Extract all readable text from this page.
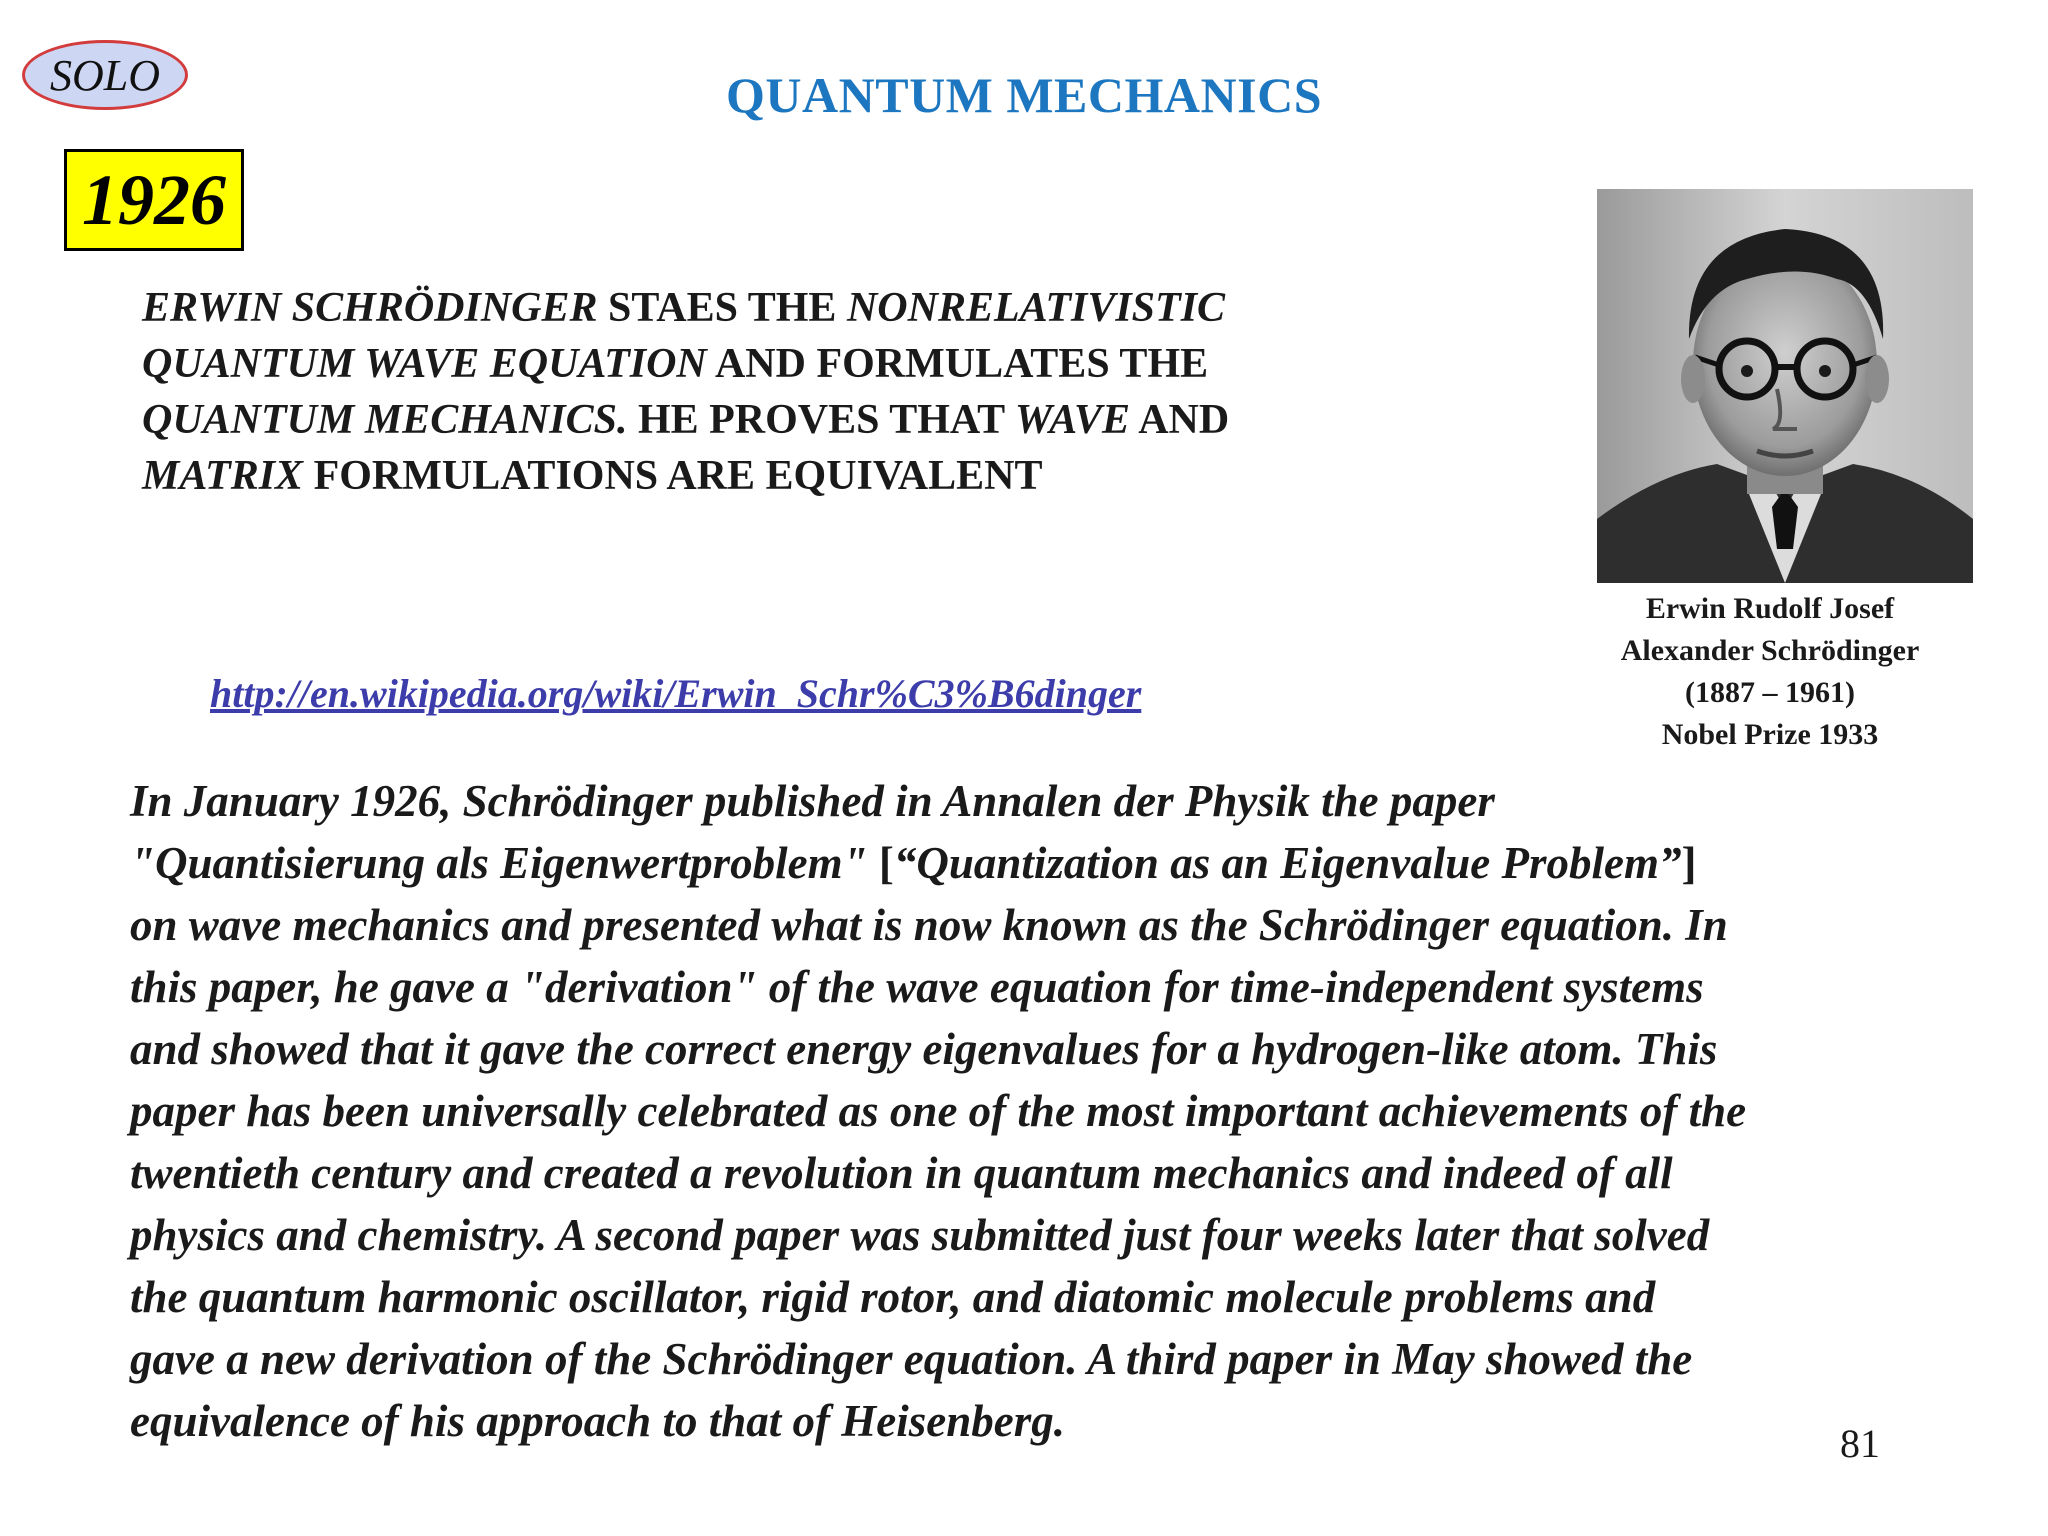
SOLO	QUANTUM MECHANICS
1926
ERWIN SCHRÖDINGER STAES THE NONRELATIVISTIC
QUANTUM WAVE EQUATION AND FORMULATES THE
QUANTUM MECHANICS. HE PROVES THAT WAVE AND
MATRIX FORMULATIONS ARE EQUIVALENT
Erwin Rudolf Josef
Alexander Schrödinger
(1887 – 1961)
Nobel Prize 1933
http://en.wikipedia.org/wiki/Erwin_Schr%C3%B6dinger
In January 1926, Schrödinger published in Annalen der Physik the paper
"Quantisierung als Eigenwertproblem" [“Quantization as an Eigenvalue Problem”]
on wave mechanics and presented what is now known as the Schrödinger equation. In
this paper, he gave a "derivation" of the wave equation for time-independent systems
and showed that it gave the correct energy eigenvalues for a hydrogen-like atom. This
paper has been universally celebrated as one of the most important achievements of the
twentieth century and created a revolution in quantum mechanics and indeed of all
physics and chemistry. A second paper was submitted just four weeks later that solved
the quantum harmonic oscillator, rigid rotor, and diatomic molecule problems and
gave a new derivation of the Schrödinger equation. A third paper in May showed the
equivalence of his approach to that of Heisenberg.	81
